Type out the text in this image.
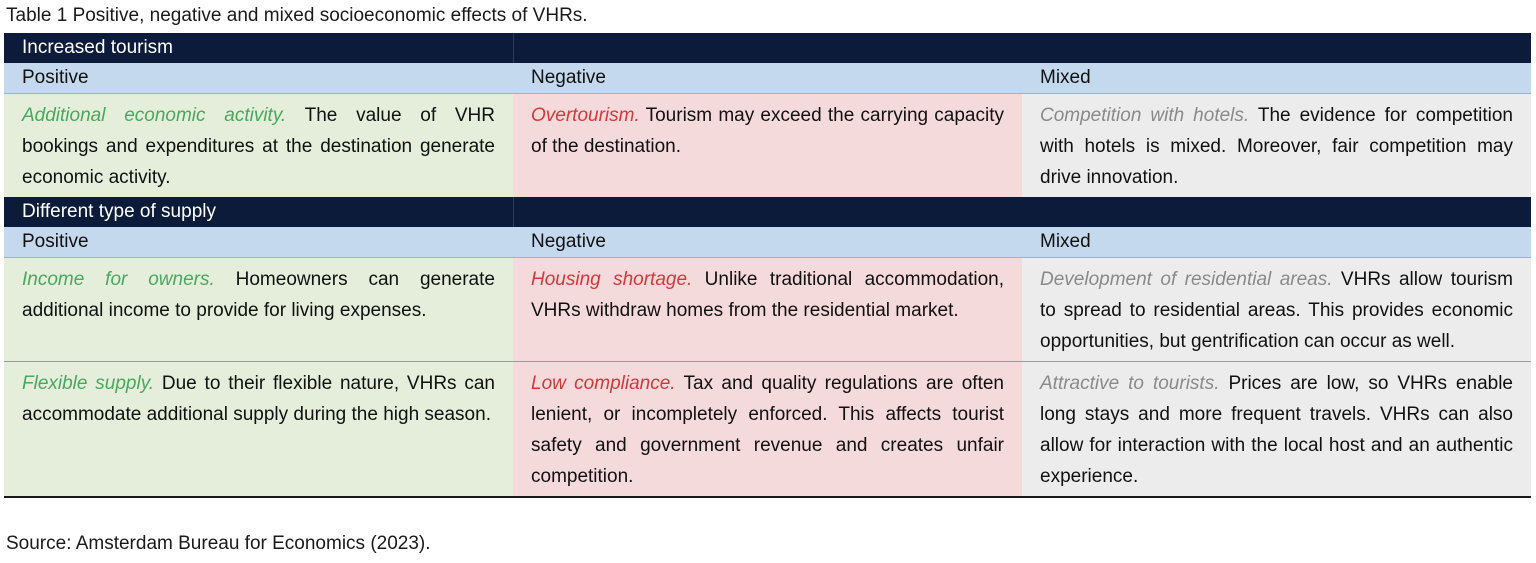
Table 1 Positive, negative and mixed socioeconomic effects of VHRs.
Increased tourism		
Positive	Negative	Mixed
Additional economic activity. The value of VHR bookings and expenditures at the destination generate economic activity.	Overtourism. Tourism may exceed the carrying capacity of the destination.	Competition with hotels. The evidence for competition with hotels is mixed. Moreover, fair competition may drive innovation.
Different type of supply		
Positive	Negative	Mixed
Income for owners. Homeowners can generate additional income to provide for living expenses.	Housing shortage. Unlike traditional accommodation, VHRs withdraw homes from the residential market.	Development of residential areas. VHRs allow tourism to spread to residential areas. This provides economic opportunities, but gentrification can occur as well.
Flexible supply. Due to their flexible nature, VHRs can accommodate additional supply during the high season.	Low compliance. Tax and quality regulations are often lenient, or incompletely enforced. This affects tourist safety and government revenue and creates unfair competition.	Attractive to tourists. Prices are low, so VHRs enable long stays and more frequent travels. VHRs can also allow for interaction with the local host and an authentic experience.
Source: Amsterdam Bureau for Economics (2023).
